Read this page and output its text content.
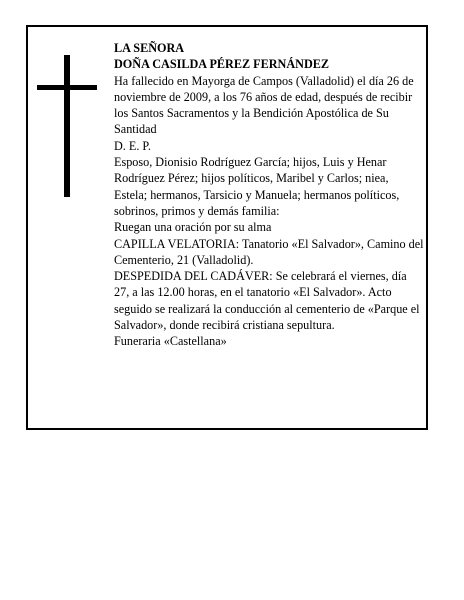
LA SEÑORA

DOÑA CASILDA PÉREZ FERNÁNDEZ

Ha fallecido en Mayorga de Campos (Valladolid) el día 26 de noviembre de 2009, a los 76 años de edad, después de recibir los Santos Sacramentos y la Bendición Apostólica de Su Santidad

D. E. P.

Esposo, Dionisio Rodríguez García; hijos, Luis y Henar Rodríguez Pérez; hijos políticos, Maribel y Carlos; niea, Estela; hermanos, Tarsicio y Manuela; hermanos políticos, sobrinos, primos y demás familia:

Ruegan una oración por su alma

CAPILLA VELATORIA: Tanatorio «El Salvador», Camino del Cementerio, 21 (Valladolid).

DESPEDIDA DEL CADÁVER: Se celebrará el viernes, día 27, a las 12.00 horas, en el tanatorio «El Salvador». Acto seguido se realizará la conducción al cementerio de «Parque el Salvador», donde recibirá cristiana sepultura.

Funeraria «Castellana»
